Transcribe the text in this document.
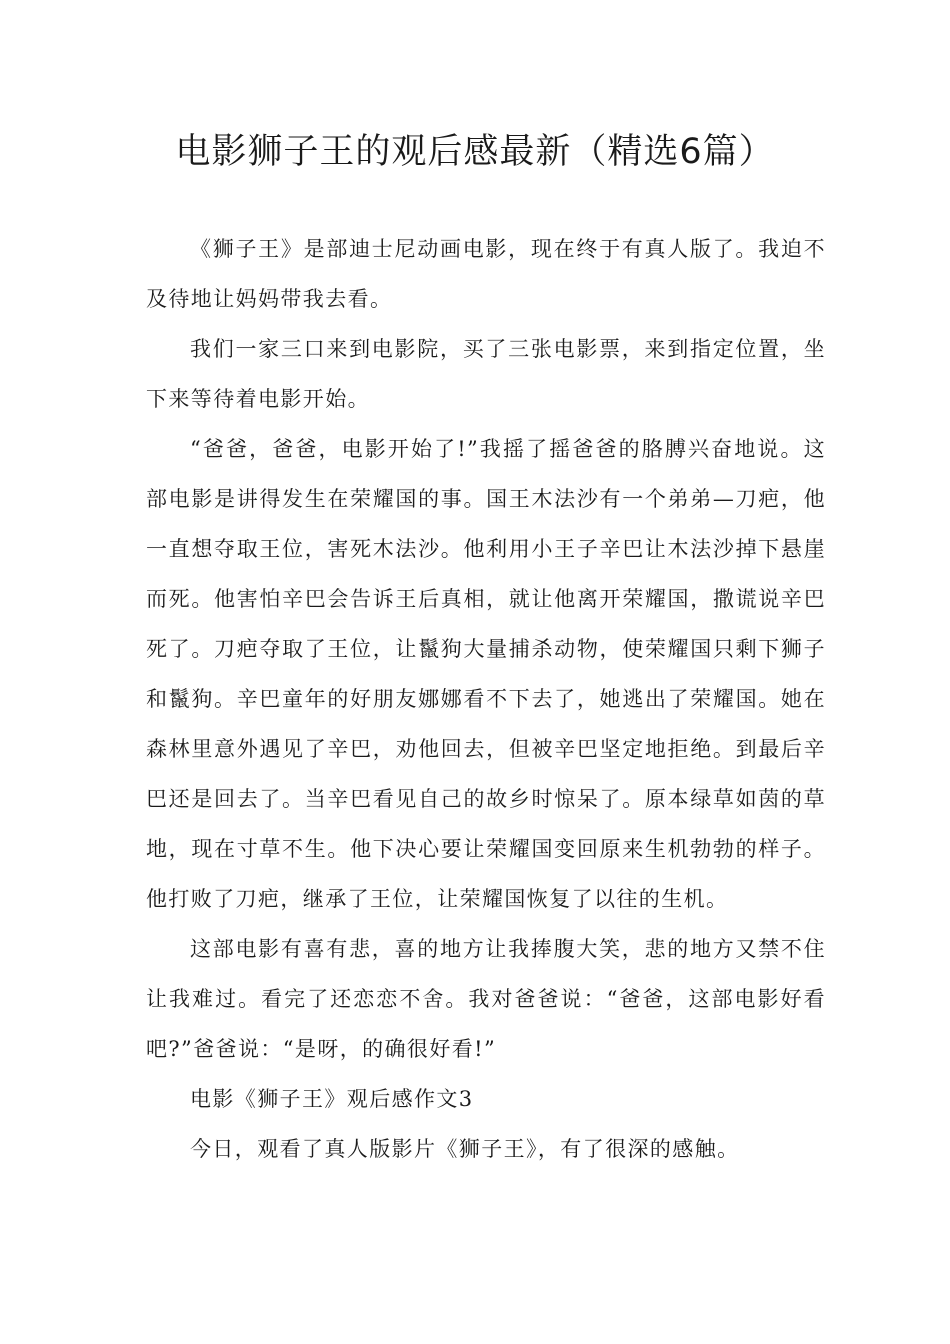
电影狮子王的观后感最新（精选6篇）

《狮子王》是部迪士尼动画电影，现在终于有真人版了。我迫不及待地让妈妈带我去看。

我们一家三口来到电影院，买了三张电影票，来到指定位置，坐下来等待着电影开始。

“爸爸，爸爸，电影开始了!”我摇了摇爸爸的胳膊兴奋地说。这部电影是讲得发生在荣耀国的事。国王木法沙有一个弟弟—刀疤，他一直想夺取王位，害死木法沙。他利用小王子辛巴让木法沙掉下悬崖而死。他害怕辛巴会告诉王后真相，就让他离开荣耀国，撒谎说辛巴死了。刀疤夺取了王位，让鬣狗大量捕杀动物，使荣耀国只剩下狮子和鬣狗。辛巴童年的好朋友娜娜看不下去了，她逃出了荣耀国。她在森林里意外遇见了辛巴，劝他回去，但被辛巴坚定地拒绝。到最后辛巴还是回去了。当辛巴看见自己的故乡时惊呆了。原本绿草如茵的草地，现在寸草不生。他下决心要让荣耀国变回原来生机勃勃的样子。他打败了刀疤，继承了王位，让荣耀国恢复了以往的生机。

这部电影有喜有悲，喜的地方让我捧腹大笑，悲的地方又禁不住让我难过。看完了还恋恋不舍。我对爸爸说：“爸爸，这部电影好看吧?”爸爸说：“是呀，的确很好看!”

电影《狮子王》观后感作文3

今日，观看了真人版影片《狮子王》，有了很深的感触。
